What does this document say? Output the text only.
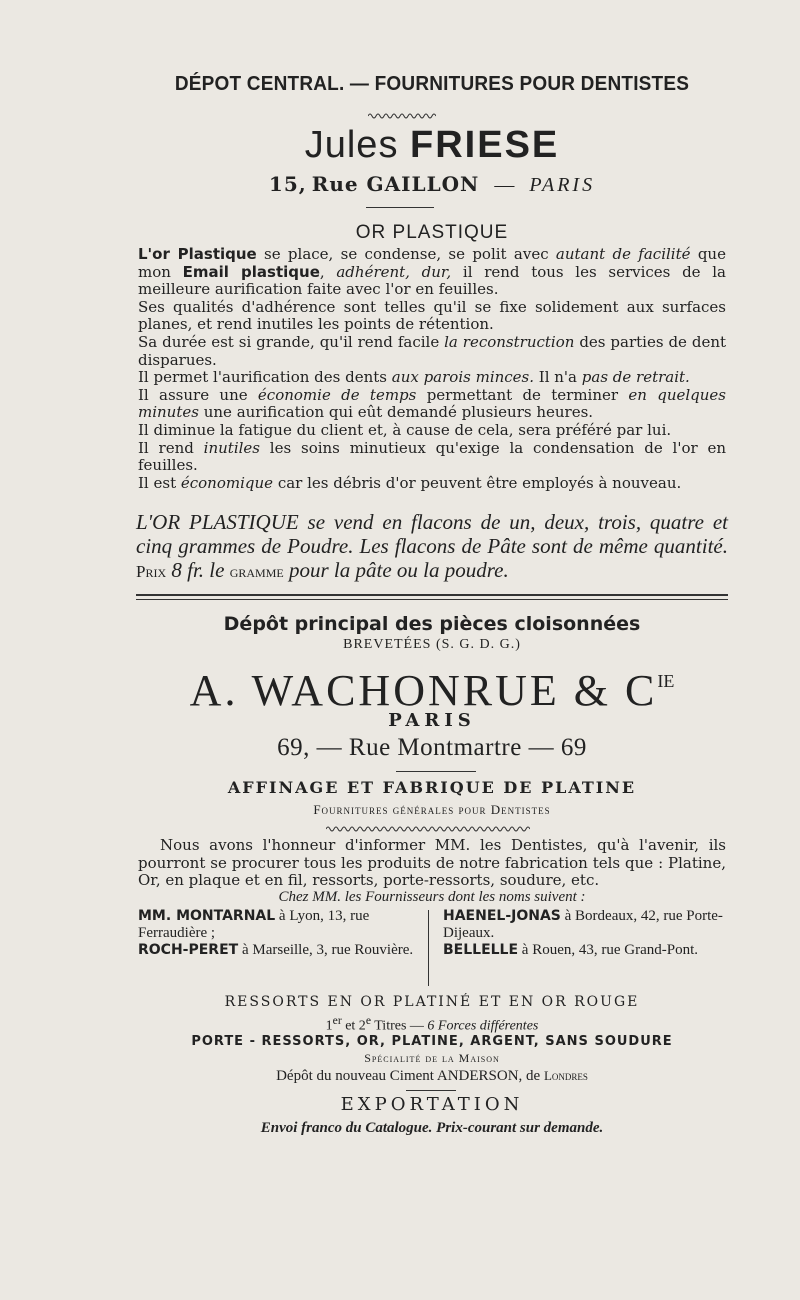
DÉPOT CENTRAL. — FOURNITURES POUR DENTISTES
Jules FRIESE
15, Rue GAILLON — PARIS
OR PLASTIQUE

L'or Plastique se place, se condense, se polit avec autant de facilité que mon Email plastique, adhérent, dur, il rend tous les services de la meilleure aurification faite avec l'or en feuilles.

Ses qualités d'adhérence sont telles qu'il se fixe solidement aux surfaces planes, et rend inutiles les points de rétention.

Sa durée est si grande, qu'il rend facile la reconstruction des parties de dent disparues.

Il permet l'aurification des dents aux parois minces. Il n'a pas de retrait.

Il assure une économie de temps permettant de terminer en quelques minutes une aurification qui eût demandé plusieurs heures.

Il diminue la fatigue du client et, à cause de cela, sera préféré par lui.

Il rend inutiles les soins minutieux qu'exige la condensation de l'or en feuilles.

Il est économique car les débris d'or peuvent être employés à nouveau.

L'OR PLASTIQUE se vend en flacons de un, deux, trois, quatre et cinq grammes de Poudre. Les flacons de Pâte sont de même quantité. Prix 8 fr. le gramme pour la pâte ou la poudre.
Dépôt principal des pièces cloisonnées
BREVETÉES (S. G. D. G.)
A. WACHONRUE & $C^{IE}$
PARIS
69, — Rue Montmartre — 69
AFFINAGE ET FABRIQUE DE PLATINE
Fournitures générales pour Dentistes

Nous avons l'honneur d'informer MM. les Dentistes, qu'à l'avenir, ils pourront se procurer tous les produits de notre fabrication tels que : Platine, Or, en plaque et en fil, ressorts, porte-ressorts, soudure, etc.

Chez MM. les Fournisseurs dont les noms suivent :
MM. MONTARNAL à Lyon, 13, rue Ferraudière ;
ROCH-PERET à Marseille, 3, rue Rouvière.
HAENEL-JONAS à Bordeaux, 42, rue Porte-Dijeaux.
BELLELLE à Rouen, 43, rue Grand-Pont.
RESSORTS EN OR PLATINÉ ET EN OR ROUGE
1er et 2e Titres — 6 Forces différentes
PORTE - RESSORTS, OR, PLATINE, ARGENT, SANS SOUDURE
Spécialité de la Maison
Dépôt du nouveau Ciment ANDERSON, de Londres
EXPORTATION
Envoi franco du Catalogue. Prix-courant sur demande.
